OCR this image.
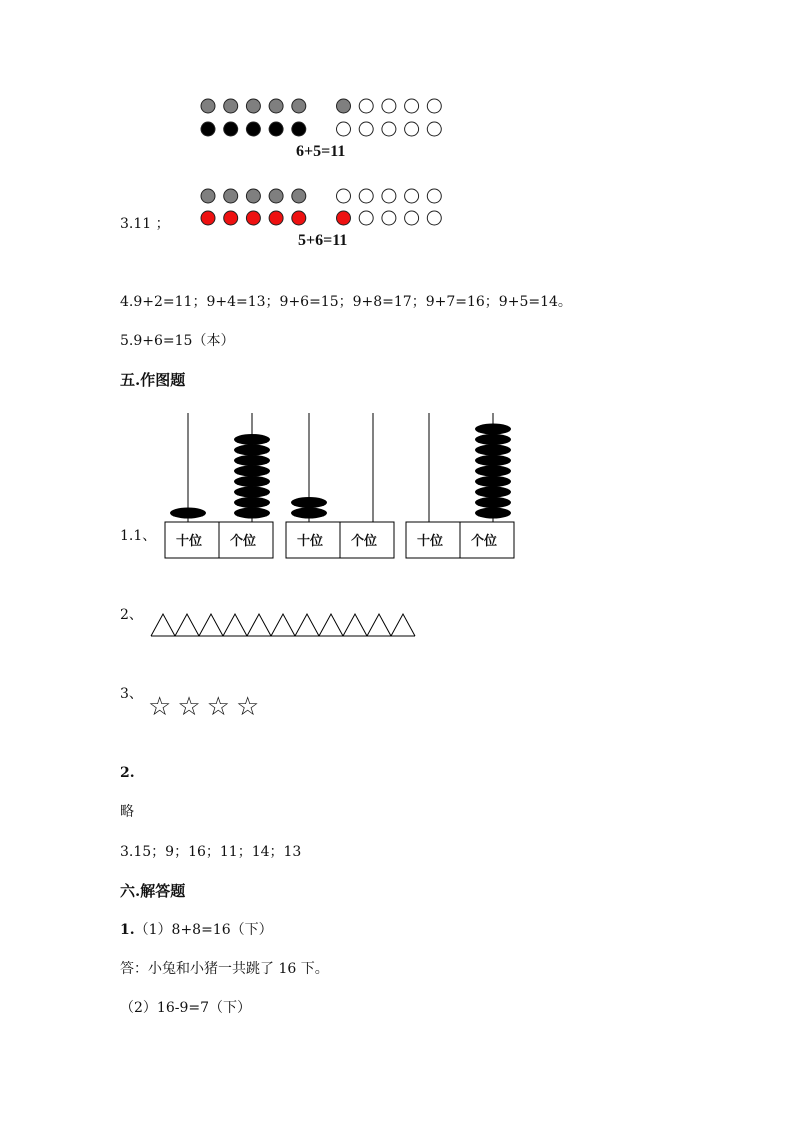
6+5=11
3.11 ；
5+6=11
4.9+2=11；9+4=13；9+6=15；9+8=17；9+7=16；9+5=14。
5.9+6=15（本）
五.作图题
1.1、 十位 个位	十位 个位	十位 个位
2、
3、 ☆☆☆☆
2.
略
3.15；9；16；11；14；13
六.解答题
1.（1）8+8=16（下）
答：小兔和小猪一共跳了 16 下。
（2）16-9=7（下）
